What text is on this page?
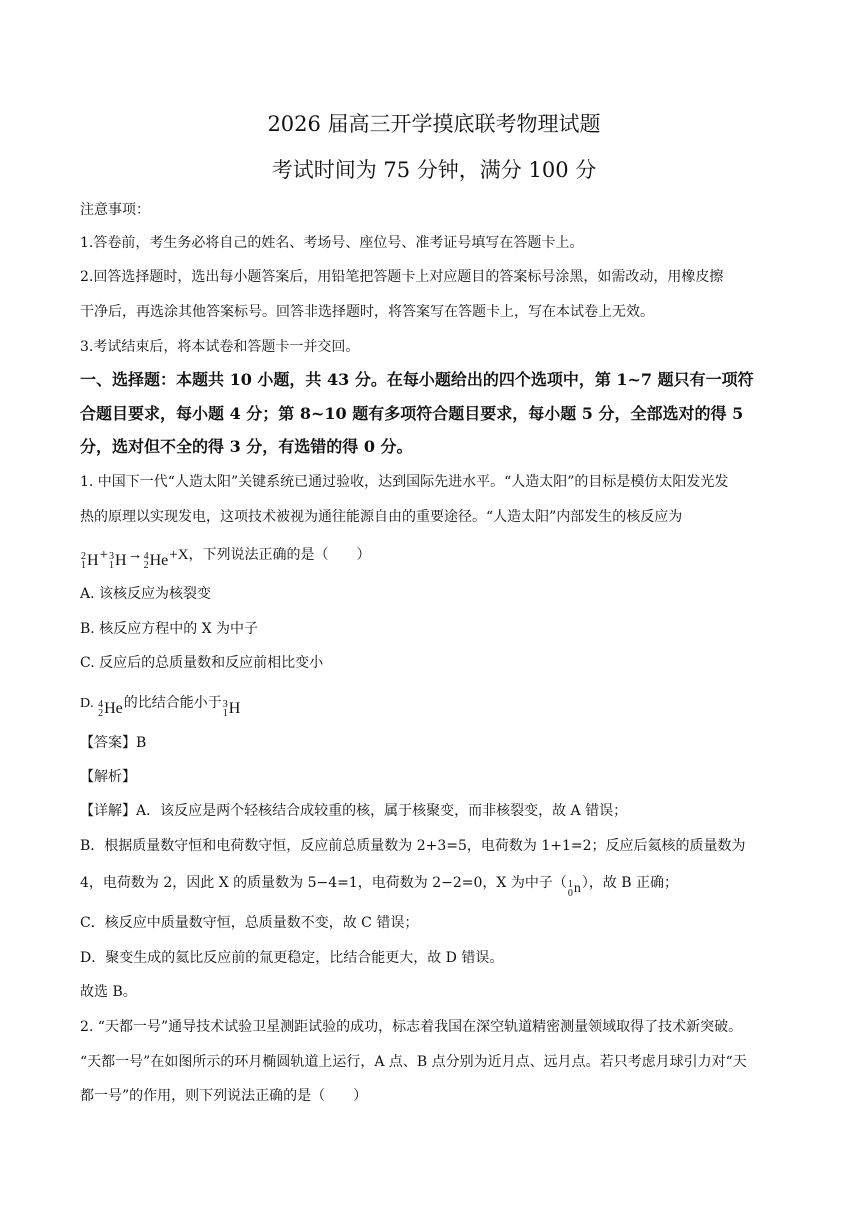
2026 届高三开学摸底联考物理试题
考试时间为 75 分钟，满分 100 分
注意事项：
1.答卷前，考生务必将自己的姓名、考场号、座位号、准考证号填写在答题卡上。
2.回答选择题时，选出每小题答案后，用铅笔把答题卡上对应题目的答案标号涂黑，如需改动，用橡皮擦
干净后，再选涂其他答案标号。回答非选择题时，将答案写在答题卡上，写在本试卷上无效。
3.考试结束后，将本试卷和答题卡一并交回。
一、选择题：本题共 10 小题，共 43 分。在每小题给出的四个选项中，第 1~7 题只有一项符
合题目要求，每小题 4 分；第 8~10 题有多项符合题目要求，每小题 5 分，全部选对的得 5
分，选对但不全的得 3 分，有选错的得 0 分。
1. 中国下一代“人造太阳”关键系统已通过验收，达到国际先进水平。“人造太阳”的目标是模仿太阳发光发
热的原理以实现发电，这项技术被视为通往能源自由的重要途径。“人造太阳”内部发生的核反应为
2
1 H + 3
1 H → 4
2 He +X，下列说法正确的是（　　）
A. 该核反应为核裂变
B. 核反应方程中的 X 为中子
C. 反应后的总质量数和反应前相比变小
D. 4
2 He 的比结合能小于 3
1 H
【答案】B
【解析】
【详解】A．该反应是两个轻核结合成较重的核，属于核聚变，而非核裂变，故 A 错误；
B．根据质量数守恒和电荷数守恒，反应前总质量数为 2+3=5，电荷数为 1+1=2；反应后氦核的质量数为
4，电荷数为 2，因此 X 的质量数为 5−4=1，电荷数为 2−2=0，X 为中子（ 1
0 n ），故 B 正确；
C．核反应中质量数守恒，总质量数不变，故 C 错误；
D．聚变生成的氦比反应前的氚更稳定，比结合能更大，故 D 错误。
故选 B。
2. “天都一号”通导技术试验卫星测距试验的成功，标志着我国在深空轨道精密测量领域取得了技术新突破。
“天都一号”在如图所示的环月椭圆轨道上运行，A 点、B 点分别为近月点、远月点。若只考虑月球引力对“天
都一号”的作用，则下列说法正确的是（　　）
